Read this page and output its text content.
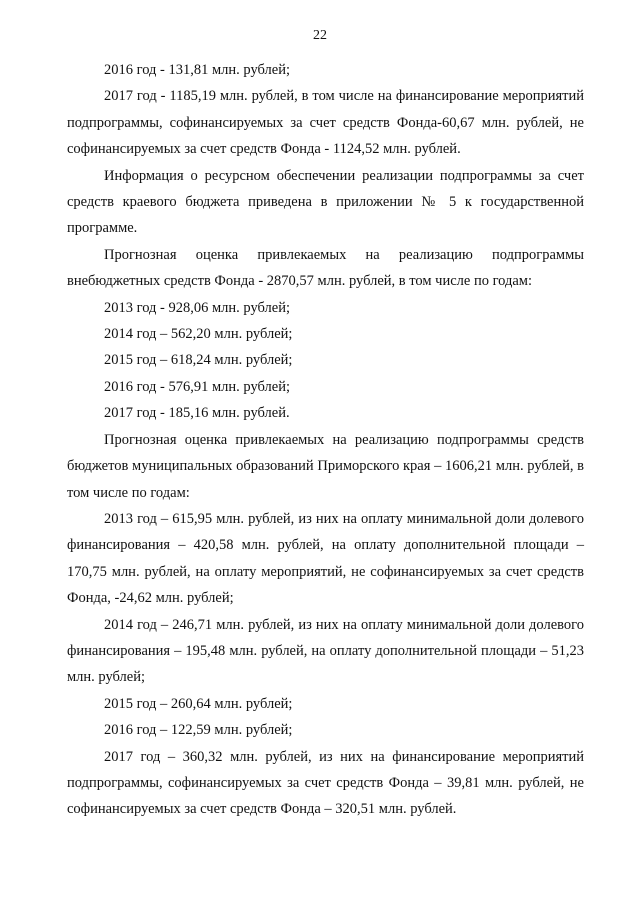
22

2016 год - 131,81 млн. рублей;

2017 год - 1185,19 млн. рублей, в том числе на финансирование мероприятий подпрограммы, софинансируемых за счет средств Фонда-60,67 млн. рублей, не софинансируемых за счет средств Фонда - 1124,52 млн. рублей.

Информация о ресурсном обеспечении реализации подпрограммы за счет средств краевого бюджета приведена в приложении № 5 к государственной программе.

Прогнозная оценка привлекаемых на реализацию подпрограммы внебюджетных средств Фонда - 2870,57 млн. рублей, в том числе по годам:

2013 год - 928,06 млн. рублей;

2014 год – 562,20 млн. рублей;

2015 год – 618,24 млн. рублей;

2016 год - 576,91 млн. рублей;

2017 год - 185,16 млн. рублей.

Прогнозная оценка привлекаемых на реализацию подпрограммы средств бюджетов муниципальных образований Приморского края – 1606,21 млн. рублей, в том числе по годам:

2013 год – 615,95 млн. рублей, из них на оплату минимальной доли долевого финансирования – 420,58 млн. рублей, на оплату дополнительной площади – 170,75 млн. рублей, на оплату мероприятий, не софинансируемых за счет средств Фонда, -24,62 млн. рублей;

2014 год – 246,71 млн. рублей, из них на оплату минимальной доли долевого финансирования – 195,48 млн. рублей, на оплату дополнительной площади – 51,23 млн. рублей;

2015 год – 260,64 млн. рублей;

2016 год – 122,59 млн. рублей;

2017 год – 360,32 млн. рублей, из них на финансирование мероприятий подпрограммы, софинансируемых за счет средств Фонда – 39,81 млн. рублей, не софинансируемых за счет средств Фонда – 320,51 млн. рублей.
